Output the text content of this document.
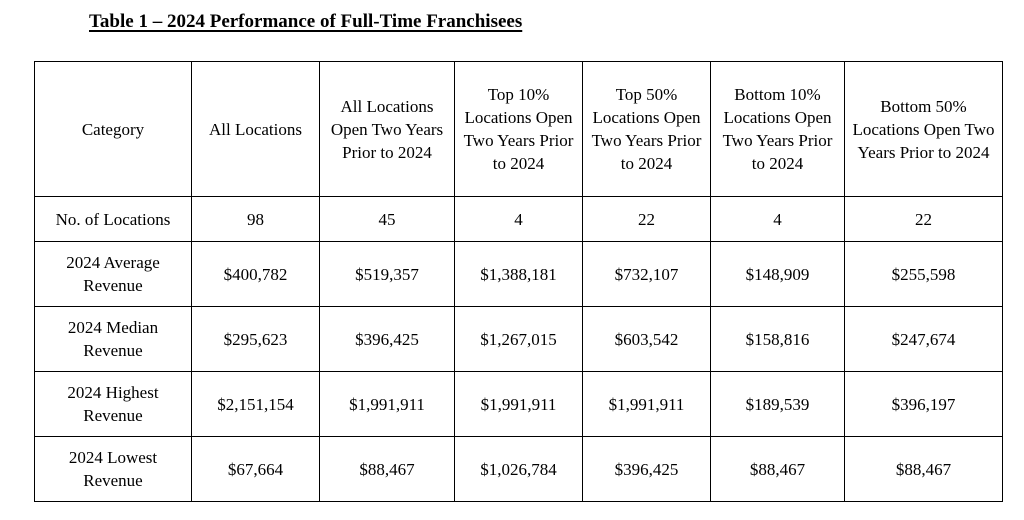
Table 1 – 2024 Performance of Full-Time Franchisees
Category	All Locations	All Locations Open Two Years Prior to 2024	Top 10% Locations Open Two Years Prior to 2024	Top 50% Locations Open Two Years Prior to 2024	Bottom 10% Locations Open Two Years Prior to 2024	Bottom 50% Locations Open Two Years Prior to 2024
No. of Locations	98	45	4	22	4	22
2024 Average Revenue	$400,782	$519,357	$1,388,181	$732,107	$148,909	$255,598
2024 Median Revenue	$295,623	$396,425	$1,267,015	$603,542	$158,816	$247,674
2024 Highest Revenue	$2,151,154	$1,991,911	$1,991,911	$1,991,911	$189,539	$396,197
2024 Lowest Revenue	$67,664	$88,467	$1,026,784	$396,425	$88,467	$88,467
